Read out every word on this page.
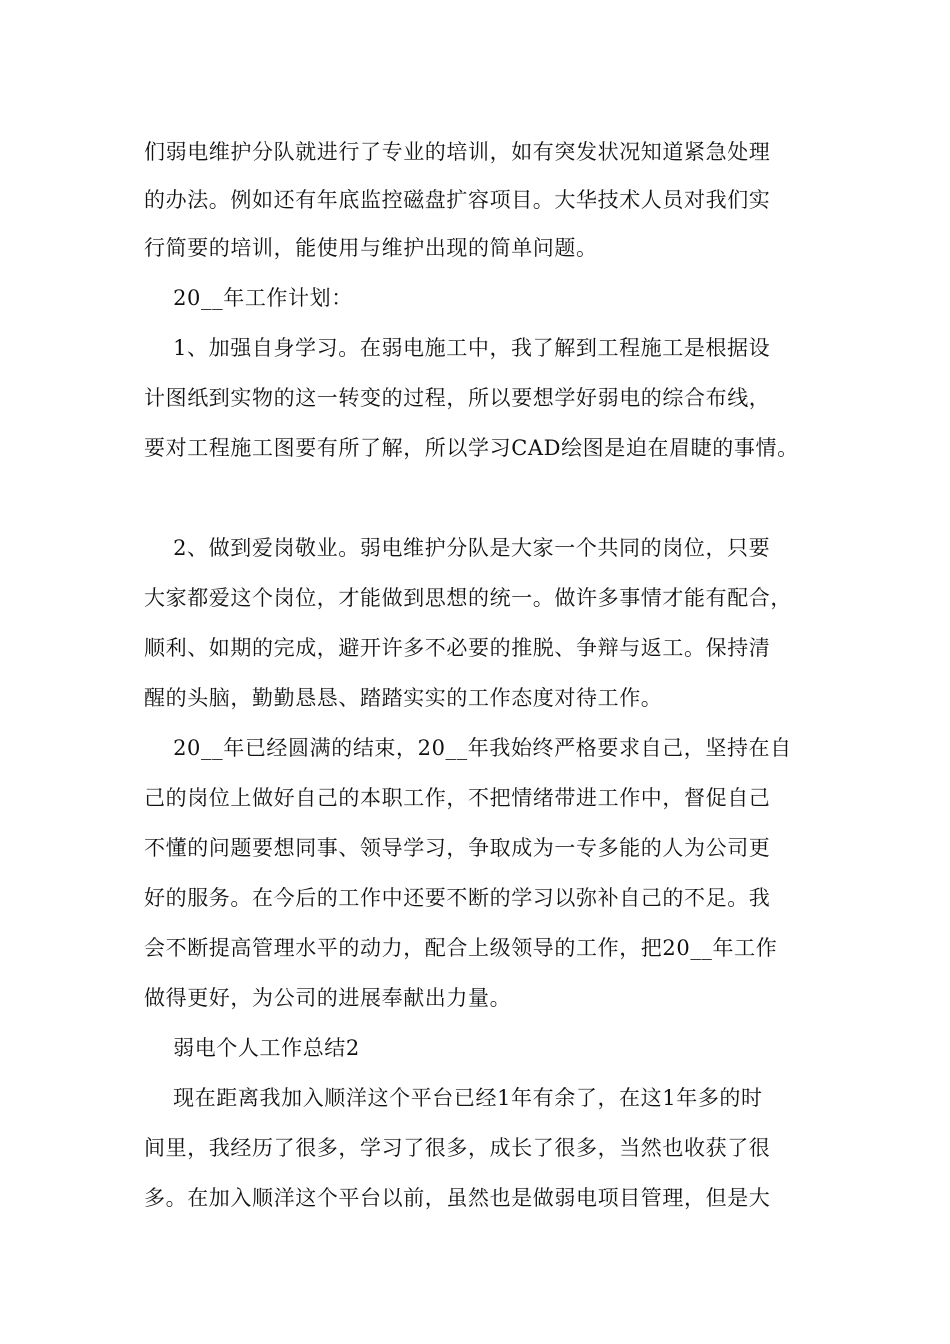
们弱电维护分队就进行了专业的培训，如有突发状况知道紧急处理
的办法。例如还有年底监控磁盘扩容项目。大华技术人员对我们实
行简要的培训，能使用与维护出现的简单问题。
20__年工作计划：
1、加强自身学习。在弱电施工中，我了解到工程施工是根据设
计图纸到实物的这一转变的过程，所以要想学好弱电的综合布线，
要对工程施工图要有所了解，所以学习CAD绘图是迫在眉睫的事情。
2、做到爱岗敬业。弱电维护分队是大家一个共同的岗位，只要
大家都爱这个岗位，才能做到思想的统一。做许多事情才能有配合，
顺利、如期的完成，避开许多不必要的推脱、争辩与返工。保持清
醒的头脑，勤勤恳恳、踏踏实实的工作态度对待工作。
20__年已经圆满的结束，20__年我始终严格要求自己，坚持在自
己的岗位上做好自己的本职工作，不把情绪带进工作中，督促自己
不懂的问题要想同事、领导学习，争取成为一专多能的人为公司更
好的服务。在今后的工作中还要不断的学习以弥补自己的不足。我
会不断提高管理水平的动力，配合上级领导的工作，把20__年工作
做得更好，为公司的进展奉献出力量。
弱电个人工作总结2
现在距离我加入顺洋这个平台已经1年有余了，在这1年多的时
间里，我经历了很多，学习了很多，成长了很多，当然也收获了很
多。在加入顺洋这个平台以前，虽然也是做弱电项目管理，但是大
